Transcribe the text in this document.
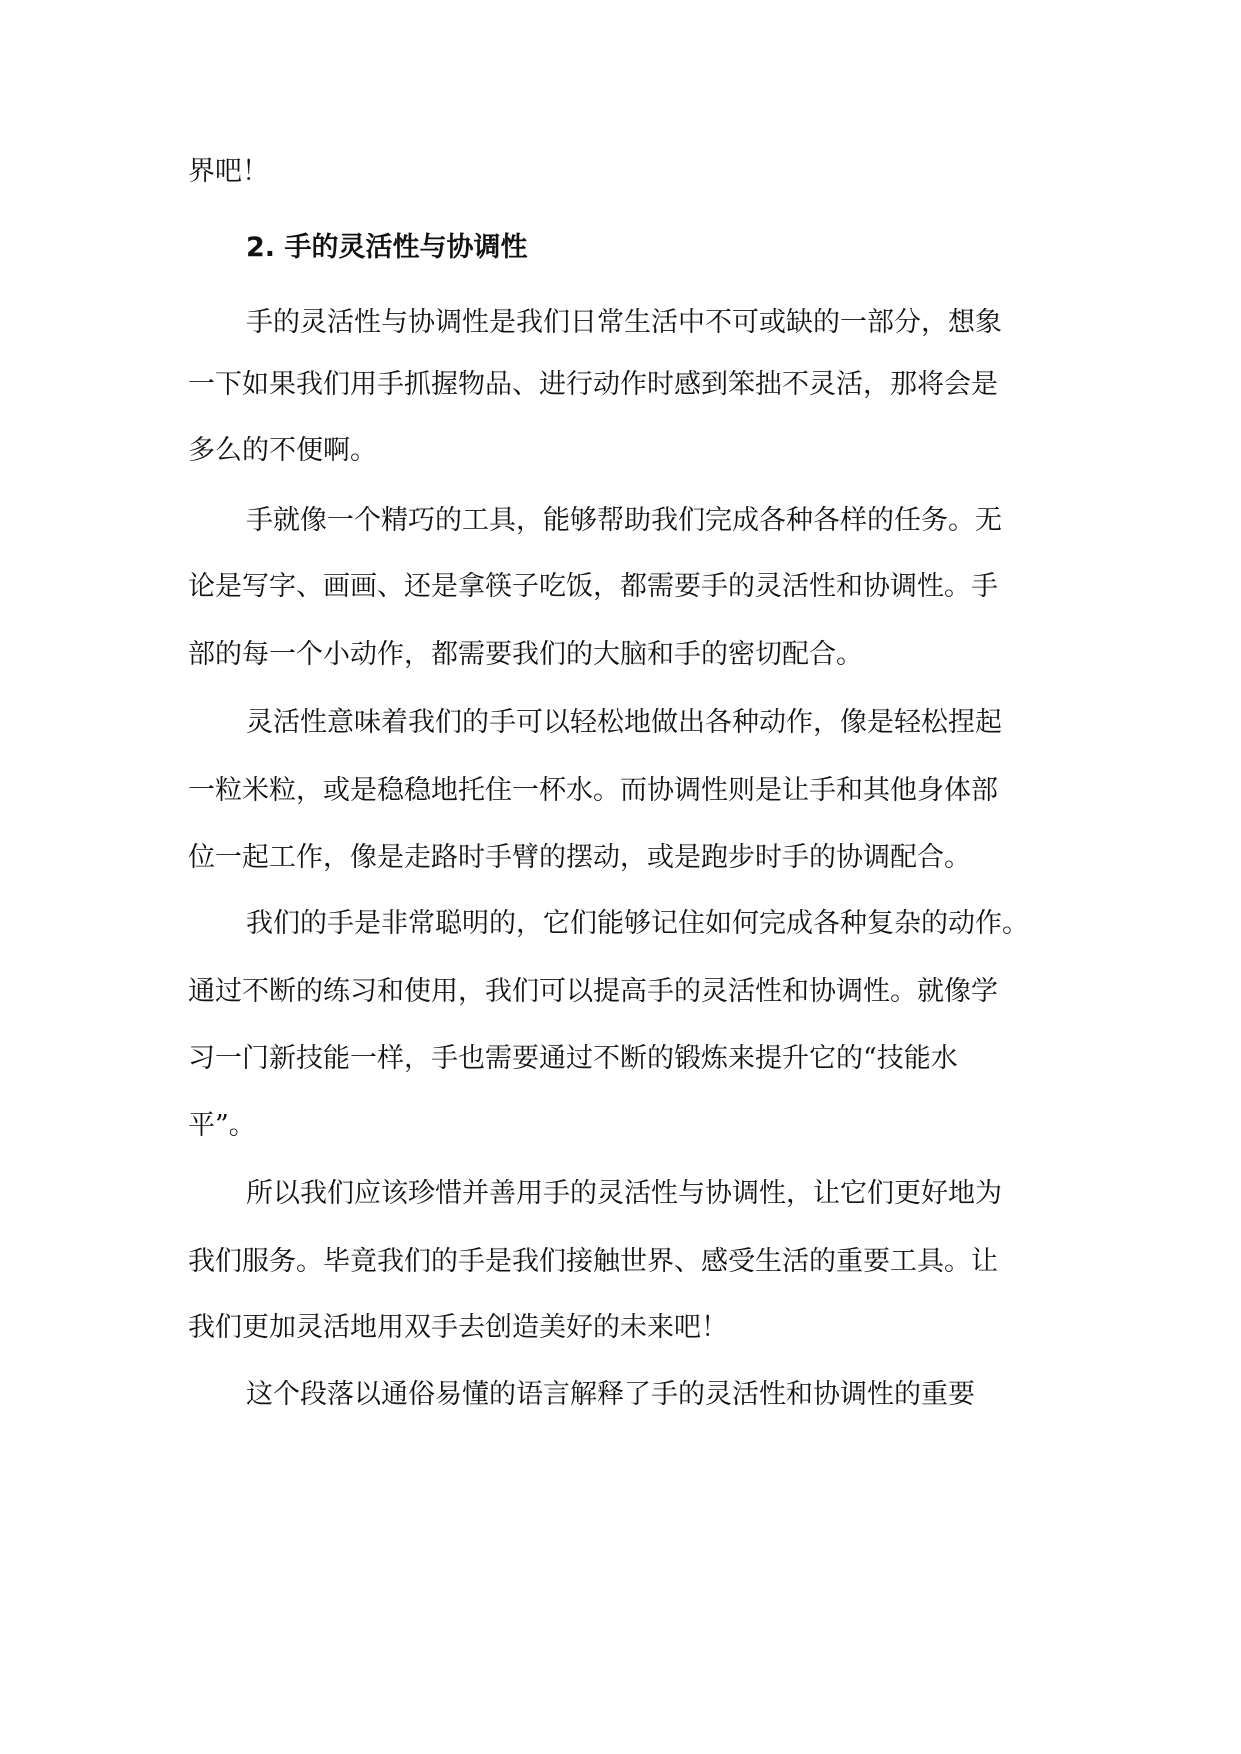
界吧！

2. 手的灵活性与协调性

手的灵活性与协调性是我们日常生活中不可或缺的一部分，想象

一下如果我们用手抓握物品、进行动作时感到笨拙不灵活，那将会是

多么的不便啊。

手就像一个精巧的工具，能够帮助我们完成各种各样的任务。无

论是写字、画画、还是拿筷子吃饭，都需要手的灵活性和协调性。手

部的每一个小动作，都需要我们的大脑和手的密切配合。

灵活性意味着我们的手可以轻松地做出各种动作，像是轻松捏起

一粒米粒，或是稳稳地托住一杯水。而协调性则是让手和其他身体部

位一起工作，像是走路时手臂的摆动，或是跑步时手的协调配合。

我们的手是非常聪明的，它们能够记住如何完成各种复杂的动作。

通过不断的练习和使用，我们可以提高手的灵活性和协调性。就像学

习一门新技能一样，手也需要通过不断的锻炼来提升它的“技能水

平”。

所以我们应该珍惜并善用手的灵活性与协调性，让它们更好地为

我们服务。毕竟我们的手是我们接触世界、感受生活的重要工具。让

我们更加灵活地用双手去创造美好的未来吧！

这个段落以通俗易懂的语言解释了手的灵活性和协调性的重要
